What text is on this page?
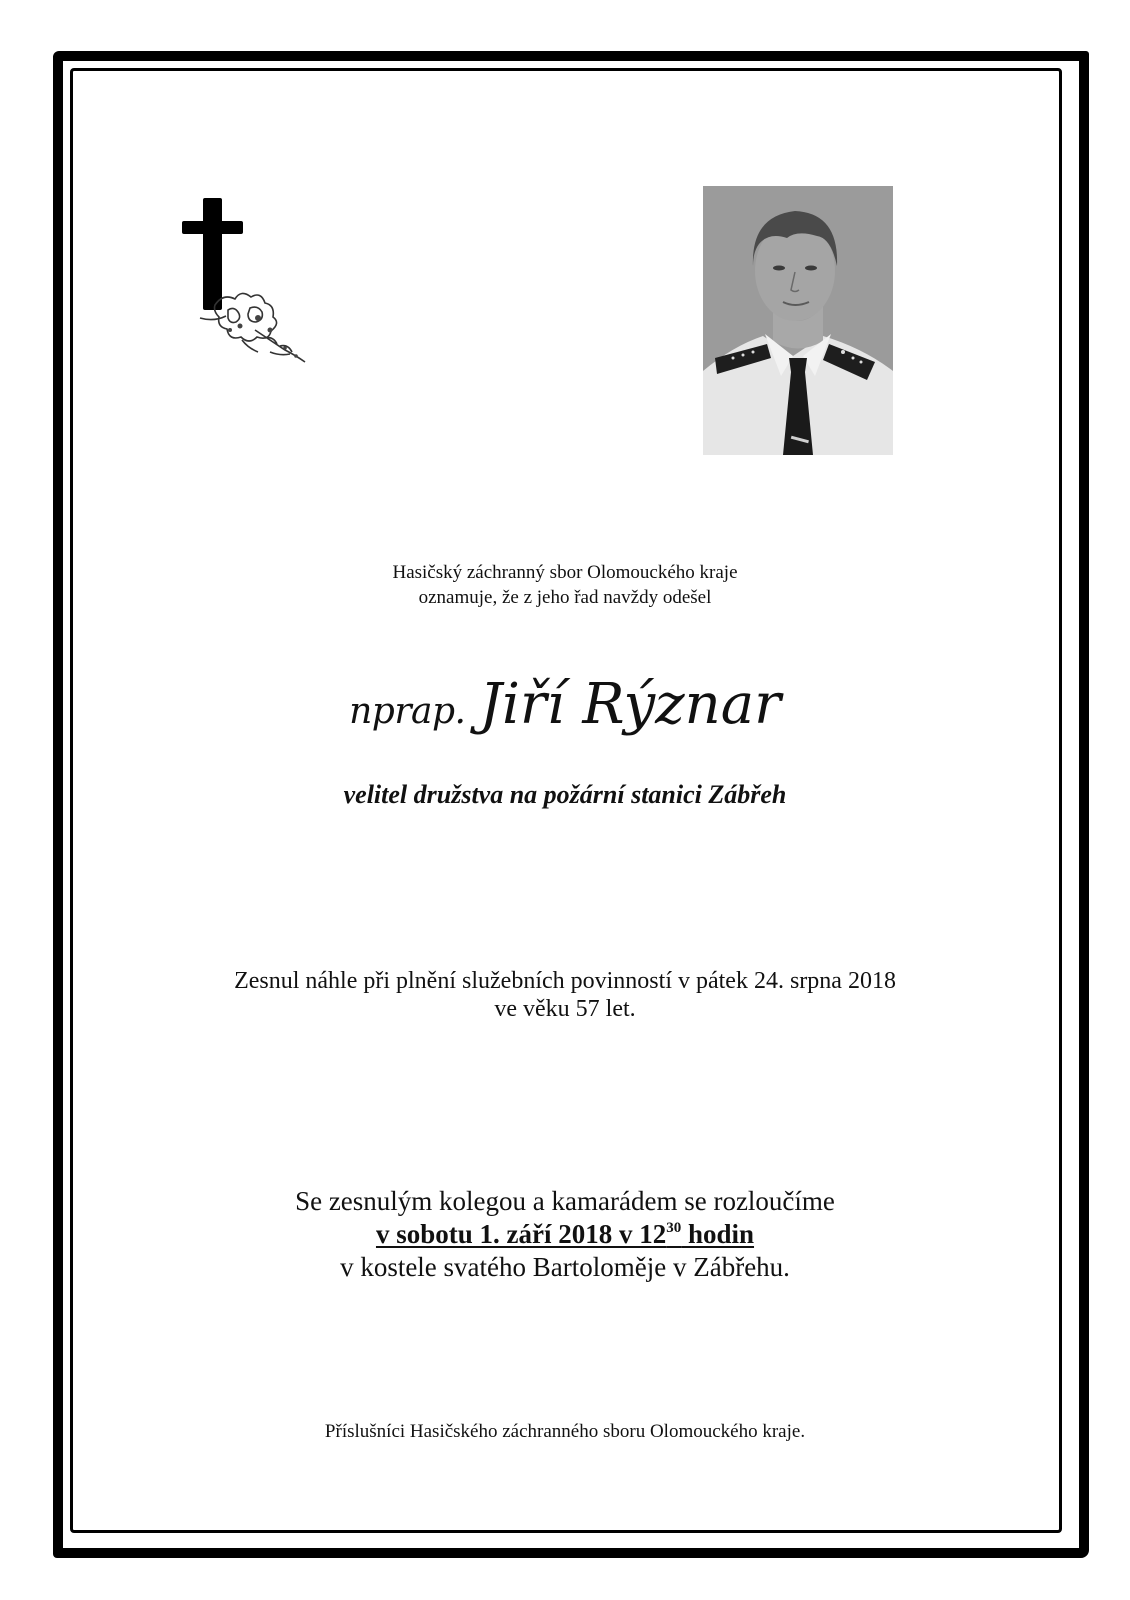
Hasičský záchranný sbor Olomouckého kraje
oznamuje, že z jeho řad navždy odešel
nprap. Jiří Rýznar
velitel družstva na požární stanici Zábřeh
Zesnul náhle při plnění služebních povinností v pátek 24. srpna 2018
ve věku 57 let.
Se zesnulým kolegou a kamarádem se rozloučíme
v sobotu 1. září 2018 v $12^{30}$ hodin
v kostele svatého Bartoloměje v Zábřehu.
Příslušníci Hasičského záchranného sboru Olomouckého kraje.
